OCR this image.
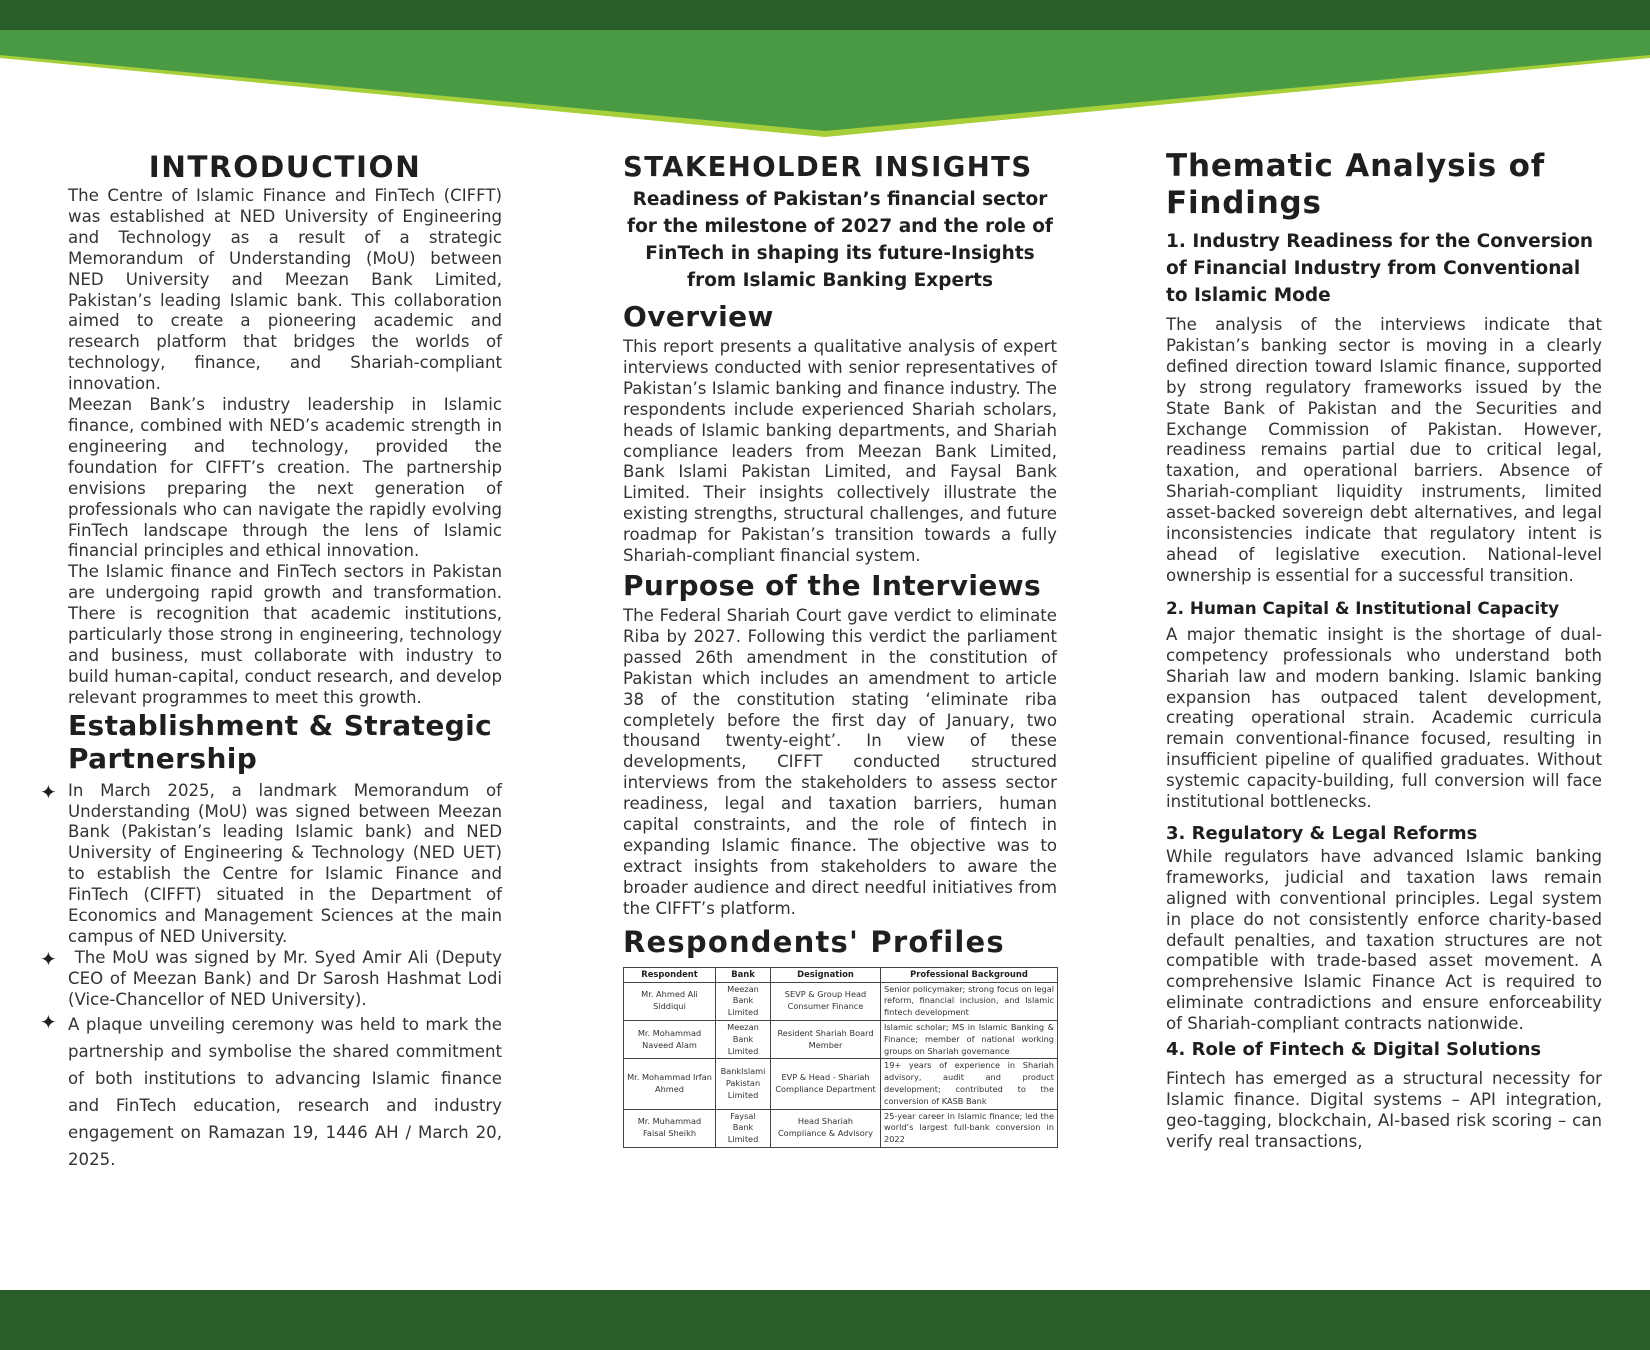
INTRODUCTION

The Centre of Islamic Finance and FinTech (CIFFT) was established at NED University of Engineering and Technology as a result of a strategic Memorandum of Understanding (MoU) between NED University and Meezan Bank Limited, Pakistan’s leading Islamic bank. This collaboration aimed to create a pioneering academic and research platform that bridges the worlds of technology, finance, and Shariah-compliant innovation.

Meezan Bank’s industry leadership in Islamic finance, combined with NED’s academic strength in engineering and technology, provided the foundation for CIFFT’s creation. The partnership envisions preparing the next generation of professionals who can navigate the rapidly evolving FinTech landscape through the lens of Islamic financial principles and ethical innovation.

The Islamic finance and FinTech sectors in Pakistan are undergoing rapid growth and transformation. There is recognition that academic institutions, particularly those strong in engineering, technology and business, must collaborate with industry to build human-capital, conduct research, and develop relevant programmes to meet this growth.

Establishment & Strategic Partnership
✦ In March 2025, a landmark Memorandum of Understanding (MoU) was signed between Meezan Bank (Pakistan’s leading Islamic bank) and NED University of Engineering & Technology (NED UET) to establish the Centre for Islamic Finance and FinTech (CIFFT) situated in the Department of Economics and Management Sciences at the main campus of NED University.

✦ The MoU was signed by Mr. Syed Amir Ali (Deputy CEO of Meezan Bank) and Dr Sarosh Hashmat Lodi (Vice-Chancellor of NED University).

✦ A plaque unveiling ceremony was held to mark the partnership and symbolise the shared commitment of both institutions to advancing Islamic finance and FinTech education, research and industry engagement on Ramazan 19, 1446 AH / March 20, 2025.

STAKEHOLDER INSIGHTS

Readiness of Pakistan’s financial sector for the milestone of 2027 and the role of FinTech in shaping its future-Insights from Islamic Banking Experts

Overview

This report presents a qualitative analysis of expert interviews conducted with senior representatives of Pakistan’s Islamic banking and finance industry. The respondents include experienced Shariah scholars, heads of Islamic banking departments, and Shariah compliance leaders from Meezan Bank Limited, Bank Islami Pakistan Limited, and Faysal Bank Limited. Their insights collectively illustrate the existing strengths, structural challenges, and future roadmap for Pakistan’s transition towards a fully Shariah-compliant financial system.

Purpose of the Interviews

The Federal Shariah Court gave verdict to eliminate Riba by 2027. Following this verdict the parliament passed 26th amendment in the constitution of Pakistan which includes an amendment to article 38 of the constitution stating ‘eliminate riba completely before the first day of January, two thousand twenty-eight’. In view of these developments, CIFFT conducted structured interviews from the stakeholders to assess sector readiness, legal and taxation barriers, human capital constraints, and the role of fintech in expanding Islamic finance. The objective was to extract insights from stakeholders to aware the broader audience and direct needful initiatives from the CIFFT’s platform.

Respondents' Profiles
Respondent	Bank	Designation	Professional Background
Mr. Ahmed Ali Siddiqui	Meezan Bank Limited	SEVP & Group Head Consumer Finance	Senior policymaker; strong focus on legal reform, financial inclusion, and Islamic fintech development
Mr. Mohammad Naveed Alam	Meezan Bank Limited	Resident Shariah Board Member	Islamic scholar; MS in Islamic Banking & Finance; member of national working groups on Shariah governance
Mr. Mohammad Irfan Ahmed	BankIslami Pakistan Limited	EVP & Head - Shariah Compliance Department	19+ years of experience in Shariah advisory, audit and product development; contributed to the conversion of KASB Bank
Mr. Muhammad Faisal Sheikh	Faysal Bank Limited	Head Shariah Compliance & Advisory	25-year career in Islamic finance; led the world’s largest full-bank conversion in 2022
Thematic Analysis of Findings
1. Industry Readiness for the Conversion of Financial Industry from Conventional to Islamic Mode

The analysis of the interviews indicate that Pakistan’s banking sector is moving in a clearly defined direction toward Islamic finance, supported by strong regulatory frameworks issued by the State Bank of Pakistan and the Securities and Exchange Commission of Pakistan. However, readiness remains partial due to critical legal, taxation, and operational barriers. Absence of Shariah-compliant liquidity instruments, limited asset-backed sovereign debt alternatives, and legal inconsistencies indicate that regulatory intent is ahead of legislative execution. National-level ownership is essential for a successful transition.

2. Human Capital & Institutional Capacity

A major thematic insight is the shortage of dual-competency professionals who understand both Shariah law and modern banking. Islamic banking expansion has outpaced talent development, creating operational strain. Academic curricula remain conventional-finance focused, resulting in insufficient pipeline of qualified graduates. Without systemic capacity-building, full conversion will face institutional bottlenecks.

3. Regulatory & Legal Reforms

While regulators have advanced Islamic banking frameworks, judicial and taxation laws remain aligned with conventional principles. Legal system in place do not consistently enforce charity-based default penalties, and taxation structures are not compatible with trade-based asset movement. A comprehensive Islamic Finance Act is required to eliminate contradictions and ensure enforceability of Shariah-compliant contracts nationwide.

4. Role of Fintech & Digital Solutions

Fintech has emerged as a structural necessity for Islamic finance. Digital systems – API integration, geo-tagging, blockchain, AI-based risk scoring – can verify real transactions,
